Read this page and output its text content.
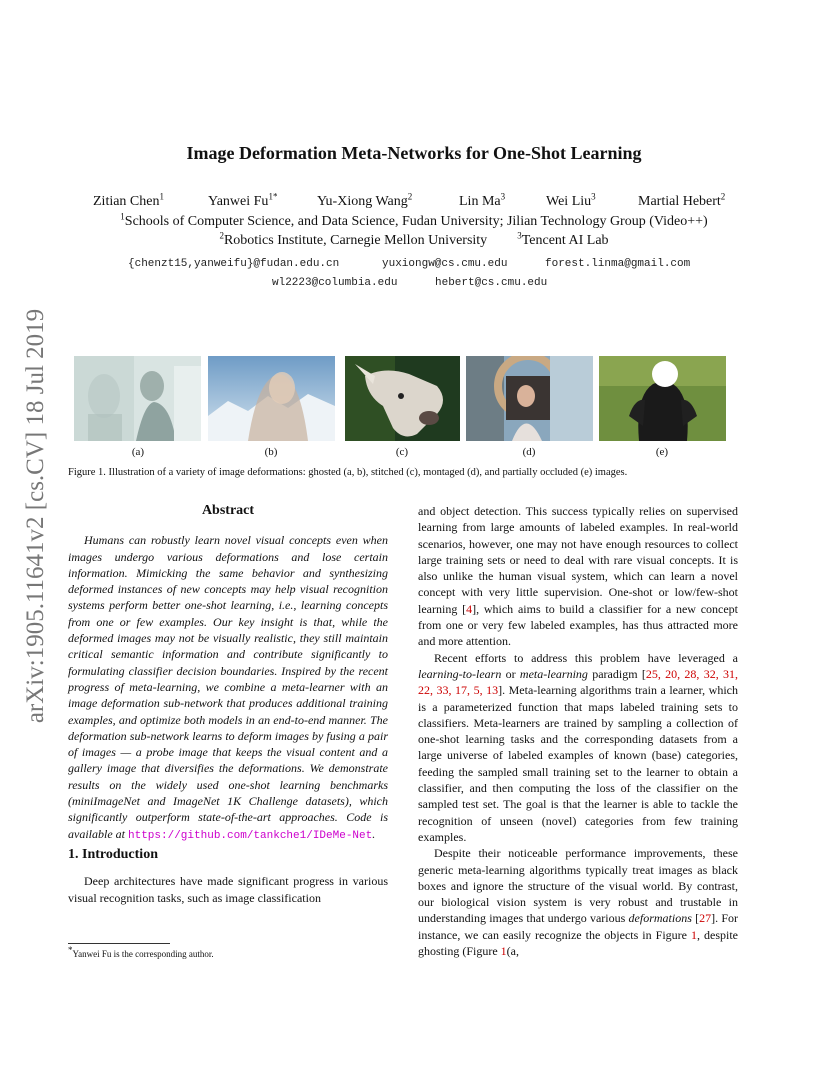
arXiv:1905.11641v2 [cs.CV] 18 Jul 2019
Image Deformation Meta-Networks for One-Shot Learning
Zitian Chen$^1$	Yanwei $Fu^{1*}$	Yu-Xiong Wang$^2$	Lin Ma$^3$	Wei Liu$^3$	Martial Hebert$^2$
$^1$Schools of Computer Science, and Data Science, Fudan University; Jilian Technology Group (Video++)
$^2$Robotics Institute, Carnegie Mellon University	$^3$Tencent AI Lab
{chenzt15,yanweifu}@fudan.edu.cn	yuxiongw@cs.cmu.edu	forest.linma@gmail.com
wl2223@columbia.edu	hebert@cs.cmu.edu
(a)	(b)	(c)	(d)	(e)
Figure 1. Illustration of a variety of image deformations: ghosted (a, b), stitched (c), montaged (d), and partially occluded (e) images.
Abstract

Humans can robustly learn novel visual concepts even when images undergo various deformations and lose certain information. Mimicking the same behavior and synthesizing deformed instances of new concepts may help visual recognition systems perform better one-shot learning, i.e., learning concepts from one or few examples. Our key insight is that, while the deformed images may not be visually realistic, they still maintain critical semantic information and contribute significantly to formulating classifier decision boundaries. Inspired by the recent progress of meta-learning, we combine a meta-learner with an image deformation sub-network that produces additional training examples, and optimize both models in an end-to-end manner. The deformation sub-network learns to deform images by fusing a pair of images — a probe image that keeps the visual content and a gallery image that diversifies the deformations. We demonstrate results on the widely used one-shot learning benchmarks (miniImageNet and ImageNet 1K Challenge datasets), which significantly outperform state-of-the-art approaches. Code is available at https://github.com/tankche1/IDeMe-Net.

1. Introduction

Deep architectures have made significant progress in various visual recognition tasks, such as image classification

*Yanwei Fu is the corresponding author.

and object detection. This success typically relies on supervised learning from large amounts of labeled examples. In real-world scenarios, however, one may not have enough resources to collect large training sets or need to deal with rare visual concepts. It is also unlike the human visual system, which can learn a novel concept with very little supervision. One-shot or low/few-shot learning [4], which aims to build a classifier for a new concept from one or very few labeled examples, has thus attracted more and more attention.

Recent efforts to address this problem have leveraged a learning-to-learn or meta-learning paradigm [25, 20, 28, 32, 31, 22, 33, 17, 5, 13]. Meta-learning algorithms train a learner, which is a parameterized function that maps labeled training sets to classifiers. Meta-learners are trained by sampling a collection of one-shot learning tasks and the corresponding datasets from a large universe of labeled examples of known (base) categories, feeding the sampled small training set to the learner to obtain a classifier, and then computing the loss of the classifier on the sampled test set. The goal is that the learner is able to tackle the recognition of unseen (novel) categories from few training examples.

Despite their noticeable performance improvements, these generic meta-learning algorithms typically treat images as black boxes and ignore the structure of the visual world. By contrast, our biological vision system is very robust and trustable in understanding images that undergo various deformations [27]. For instance, we can easily recognize the objects in Figure 1, despite ghosting (Figure 1(a,
